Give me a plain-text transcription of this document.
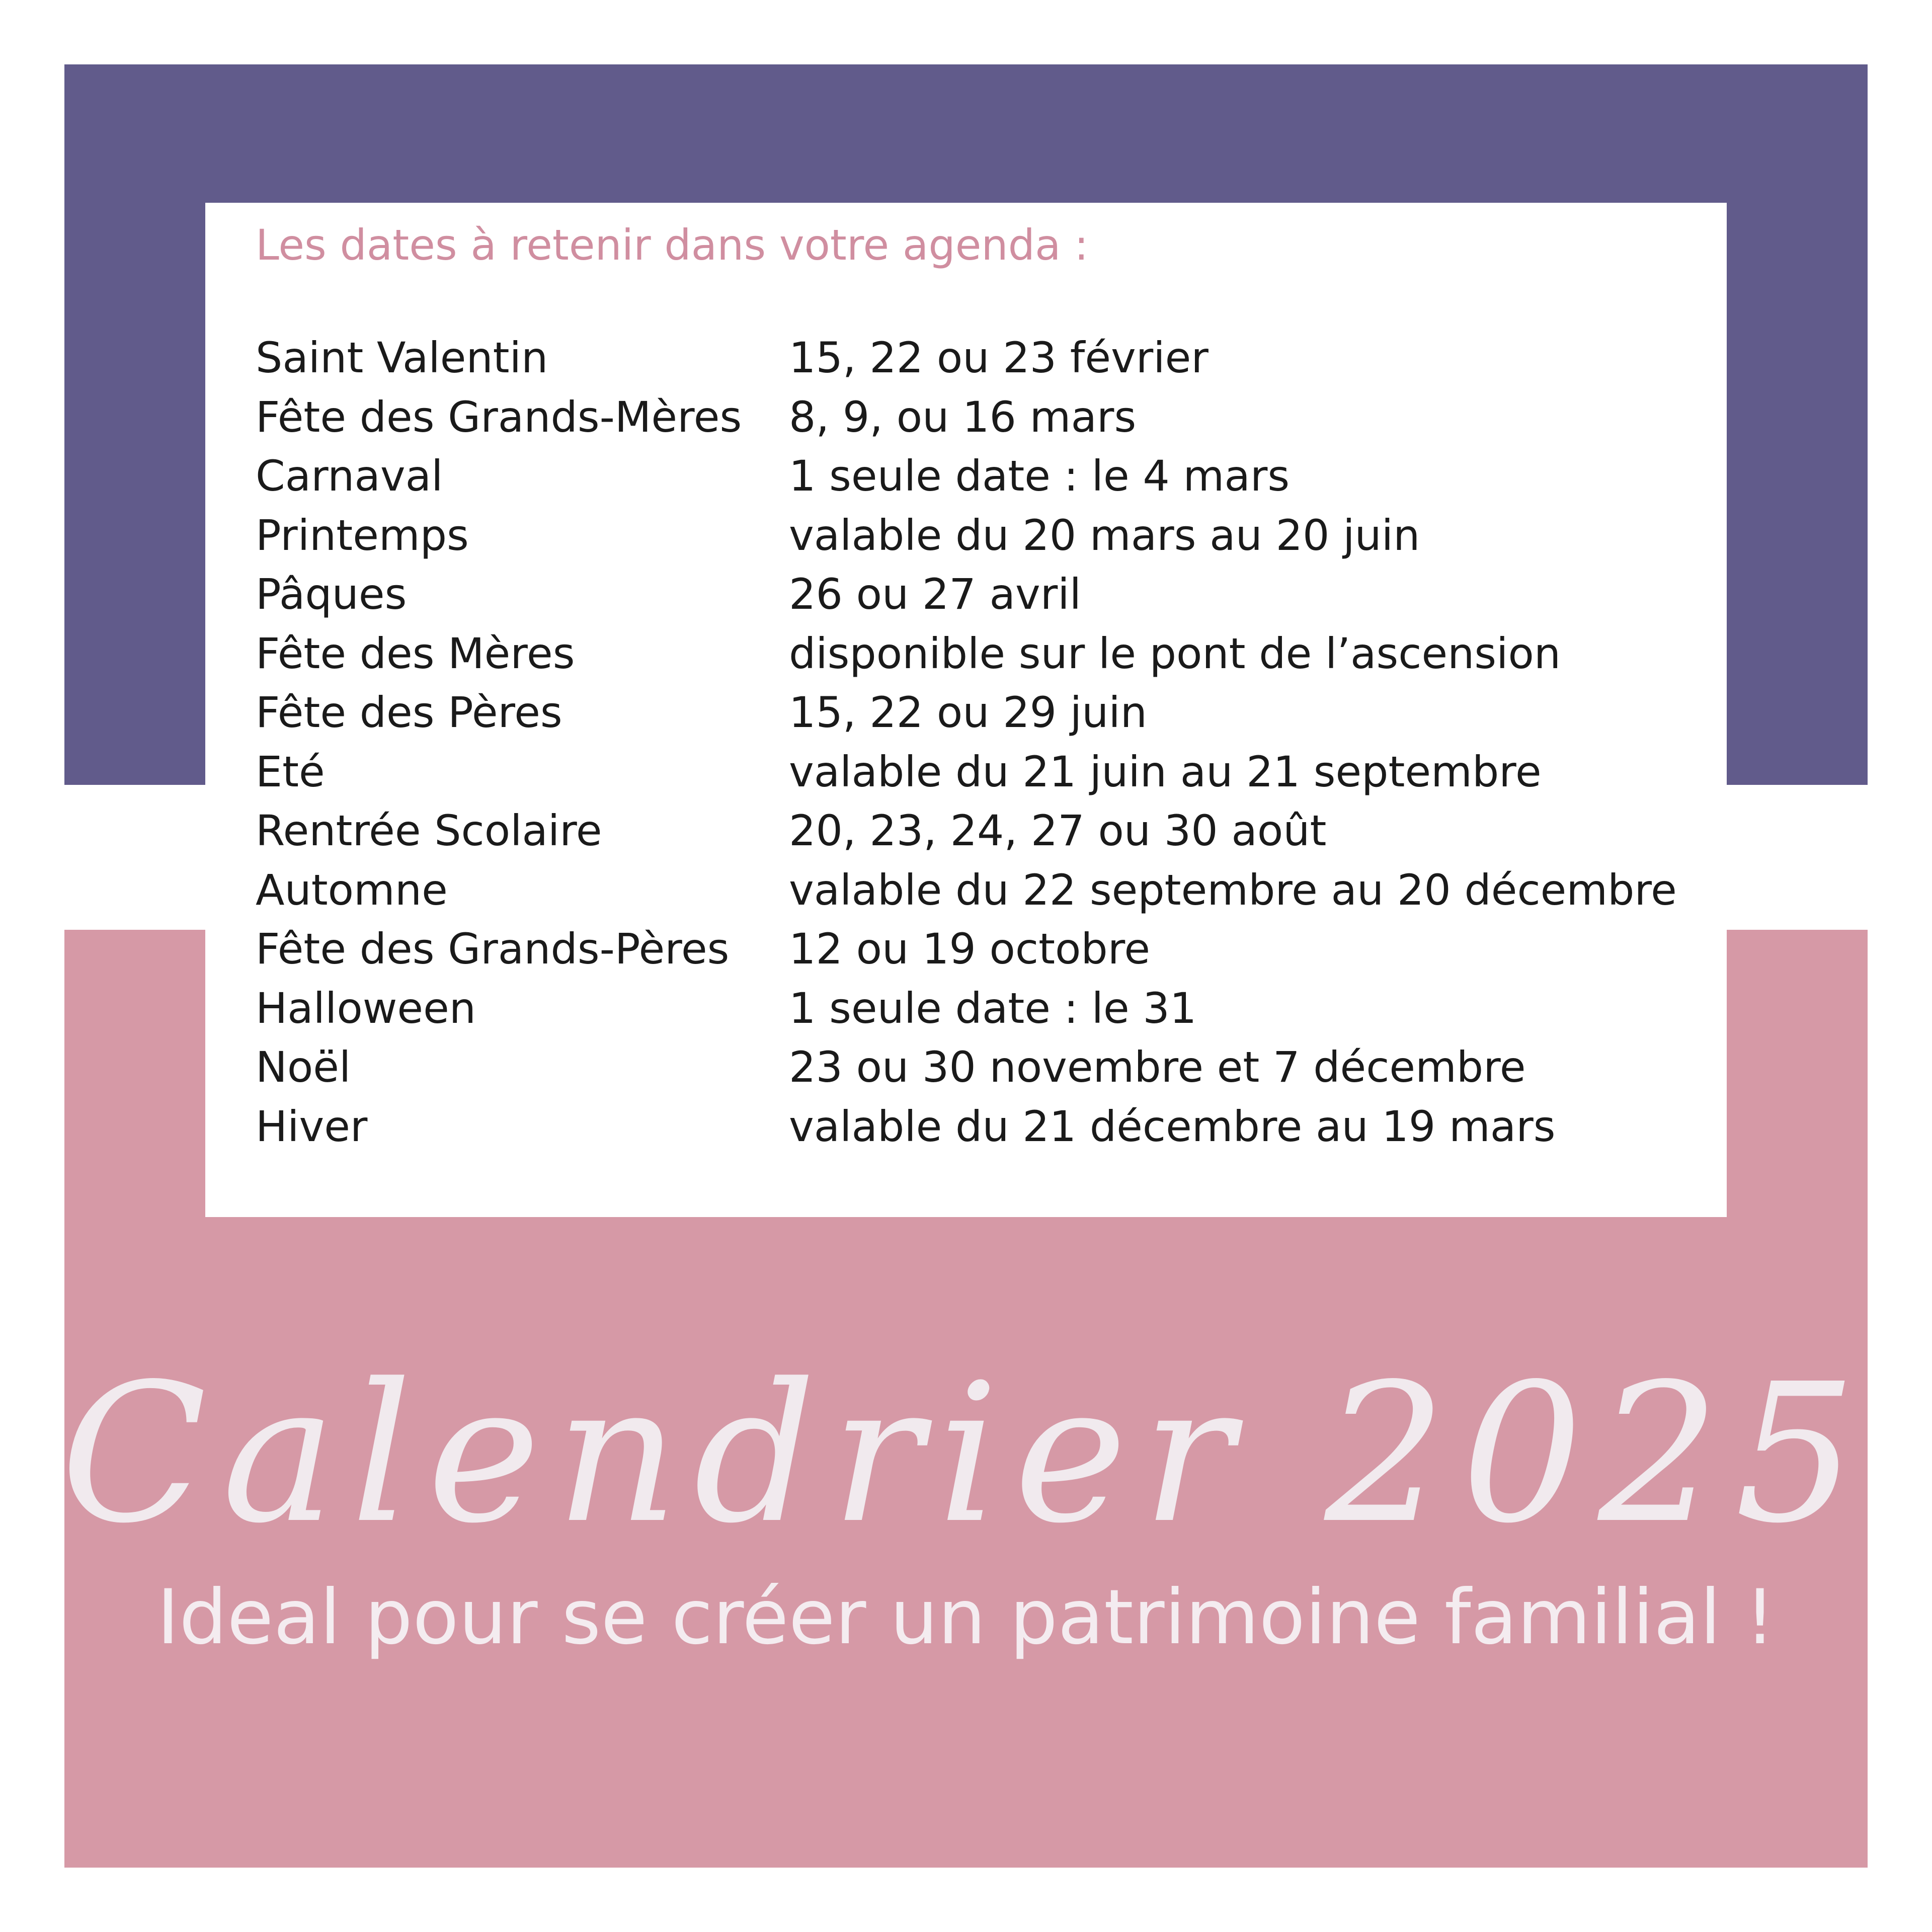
Les dates à retenir dans votre agenda :
Saint Valentin	15, 22 ou 23 février
Fête des Grands-Mères 8, 9, ou 16 mars
Carnaval	1 seule date : le 4 mars
Printemps	valable du 20 mars au 20 juin
Pâques	26 ou 27 avril
Fête des Mères	disponible sur le pont de l’ascension
Fête des Pères	15, 22 ou 29 juin
Eté	valable du 21 juin au 21 septembre
Rentrée Scolaire	20, 23, 24, 27 ou 30 août
Automne	valable du 22 septembre au 20 décembre
Fête des Grands-Pères 12 ou 19 octobre
Halloween	1 seule date : le 31
Noël	23 ou 30 novembre et 7 décembre
Hiver	valable du 21 décembre au 19 mars
Calendrier 2025
Ideal pour se créer un patrimoine familial !
